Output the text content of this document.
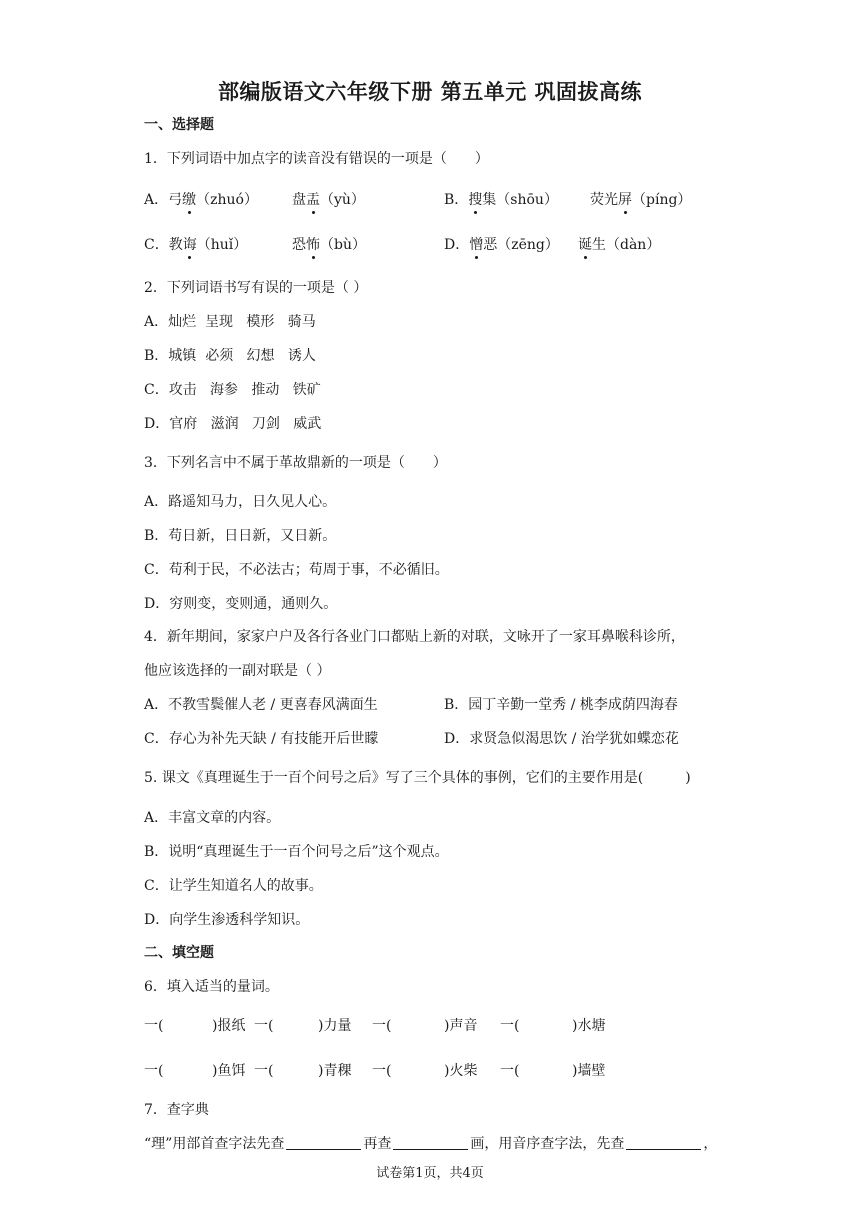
部编版语文六年级下册 第五单元 巩固拔高练
一、选择题
1．下列词语中加点字的读音没有错误的一项是（　　）
A．弓缴（zhuó） 盘盂（yù）	B．搜集（shōu） 荧光屏（píng）
C．教诲（huǐ）	恐怖（bù）	D．憎恶（zēng） 诞生（dàn）
2．下列词语书写有误的一项是（ ）
A．灿烂  呈现   模形   骑马
B．城镇  必须   幻想   诱人
C．攻击   海参   推动   铁矿
D．官府   滋润   刀剑   威武
3．下列名言中不属于革故鼎新的一项是（　　）
A．路遥知马力，日久见人心。
B．苟日新，日日新，又日新。
C．苟利于民，不必法古；苟周于事，不必循旧。
D．穷则变，变则通，通则久。
4．新年期间，家家户户及各行各业门口都贴上新的对联，文咏开了一家耳鼻喉科诊所，
他应该选择的一副对联是（ ）
A．不教雪鬓催人老 / 更喜春风满面生	B．园丁辛勤一堂秀 / 桃李成荫四海春
C．存心为补先天缺 / 有技能开后世矇	D．求贤急似渴思饮 / 治学犹如蝶恋花
5. 课文《真理诞生于一百个问号之后》写了三个具体的事例，它们的主要作用是(　　　)
A．丰富文章的内容。
B．说明“真理诞生于一百个问号之后”这个观点。
C．让学生知道名人的故事。
D．向学生渗透科学知识。
二、填空题
6．填入适当的量词。
一(	)报纸 一(	)力量 一(	)声音 一(	)水塘
一(	)鱼饵 一(	)青稞 一(	)火柴 一(	)墙壁
7．查字典
“理”用部首查字法先查	再查	画，用音序查字法，先查	，
试卷第1页，共4页
